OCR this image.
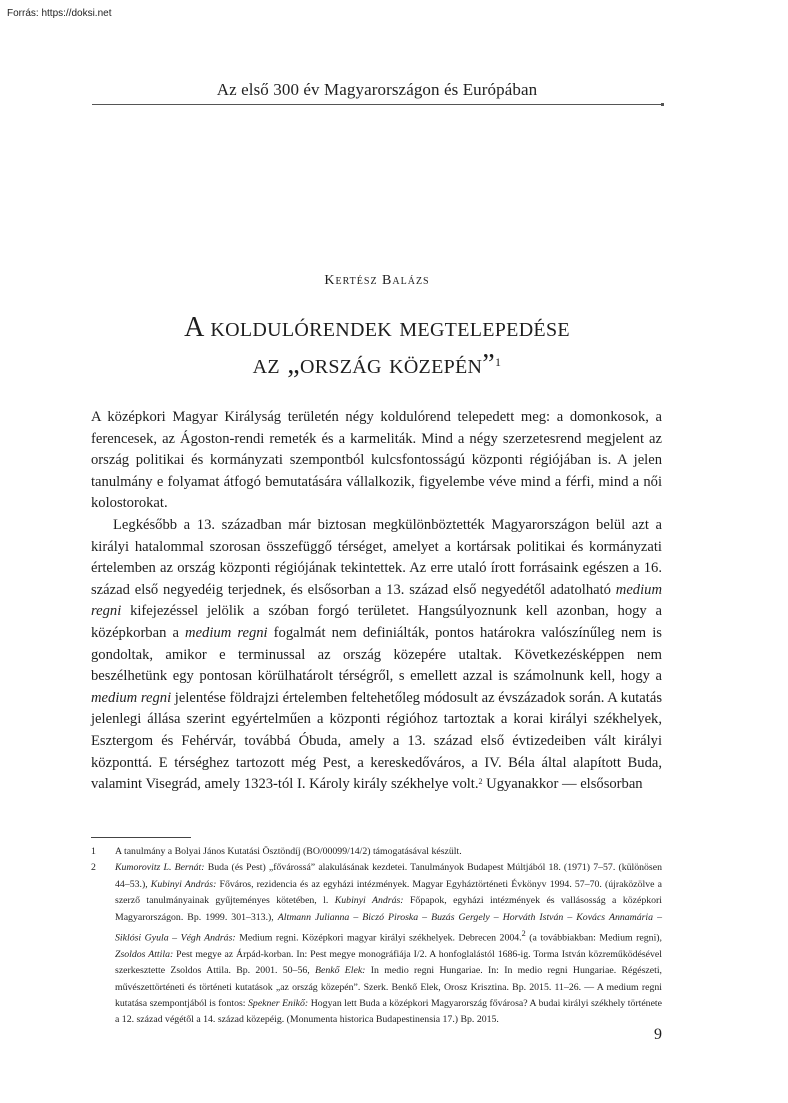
Forrás: https://doksi.net
Az első 300 év Magyarországon és Európában
Kertész Balázs
A koldulórendek megtelepedése
az „ország közepén”$^1$

A középkori Magyar Királyság területén négy koldulórend telepedett meg: a domonkosok, a ferencesek, az Ágoston-rendi remeték és a karmeliták. Mind a négy szerzetesrend megjelent az ország politikai és kormányzati szempontból kulcsfontosságú központi régiójában is. A jelen tanulmány e folyamat átfogó bemutatására vállalkozik, figyelembe véve mind a férfi, mind a női kolostorokat.

Legkésőbb a 13. században már biztosan megkülönböztették Magyarországon belül azt a királyi hatalommal szorosan összefüggő térséget, amelyet a kortársak politikai és kormányzati értelemben az ország központi régiójának tekintettek. Az erre utaló írott forrásaink egészen a 16. század első negyedéig terjednek, és elsősorban a 13. század első negyedétől adatolható medium regni kifejezéssel jelölik a szóban forgó területet. Hangsúlyoznunk kell azonban, hogy a középkorban a medium regni fogalmát nem definiálták, pontos határokra valószínűleg nem is gondoltak, amikor e terminussal az ország közepére utaltak. Következésképpen nem beszélhetünk egy pontosan körülhatárolt térségről, s emellett azzal is számolnunk kell, hogy a medium regni jelentése földrajzi értelemben feltehetőleg módosult az évszázadok során. A kutatás jelenlegi állása szerint egyértelműen a központi régióhoz tartoztak a korai királyi székhelyek, Esztergom és Fehérvár, továbbá Óbuda, amely a 13. század első évtizedeiben vált királyi központtá. E térséghez tartozott még Pest, a kereskedőváros, a IV. Béla által alapított Buda, valamint Visegrád, amely 1323-tól I. Károly király székhelye volt.$^2$ Ugyanakkor — elsősorban

1	A tanulmány a Bolyai János Kutatási Ösztöndíj (BO/00099/14/2) támogatásával készült.
2	Kumorovitz L. Bernát: Buda (és Pest) „fővárossá” alakulásának kezdetei. Tanulmányok Budapest Múltjából 18. (1971) 7–57. (különösen 44–53.), Kubinyi András: Főváros, rezidencia és az egyházi intézmények. Magyar Egyháztörténeti Évkönyv 1994. 57–70. (újraközölve a szerző tanulmányainak gyűjteményes kötetében, l. Kubinyi András: Főpapok, egyházi intézmények és vallásosság a középkori Magyarországon. Bp. 1999. 301–313.), Altmann Julianna – Biczó Piroska – Buzás Gergely – Horváth István – Kovács Annamária – Siklósi Gyula – Végh András: Medium regni. Középkori magyar királyi székhelyek. Debrecen 2004.$^2$ (a továbbiakban: Medium regni), Zsoldos Attila: Pest megye az Árpád-korban. In: Pest megye monográfiája I/2. A honfoglalástól 1686-ig. Torma István közreműködésével szerkesztette Zsoldos Attila. Bp. 2001. 50–56, Benkő Elek: In medio regni Hungariae. In: In medio regni Hungariae. Régészeti, művészettörténeti és történeti kutatások „az ország közepén”. Szerk. Benkő Elek, Orosz Krisztina. Bp. 2015. 11–26. — A medium regni kutatása szempontjából is fontos: Spekner Enikő: Hogyan lett Buda a középkori Magyarország fővárosa? A budai királyi székhely története a 12. század végétől a 14. század közepéig. (Monumenta historica Budapestinensia 17.) Bp. 2015.
9
